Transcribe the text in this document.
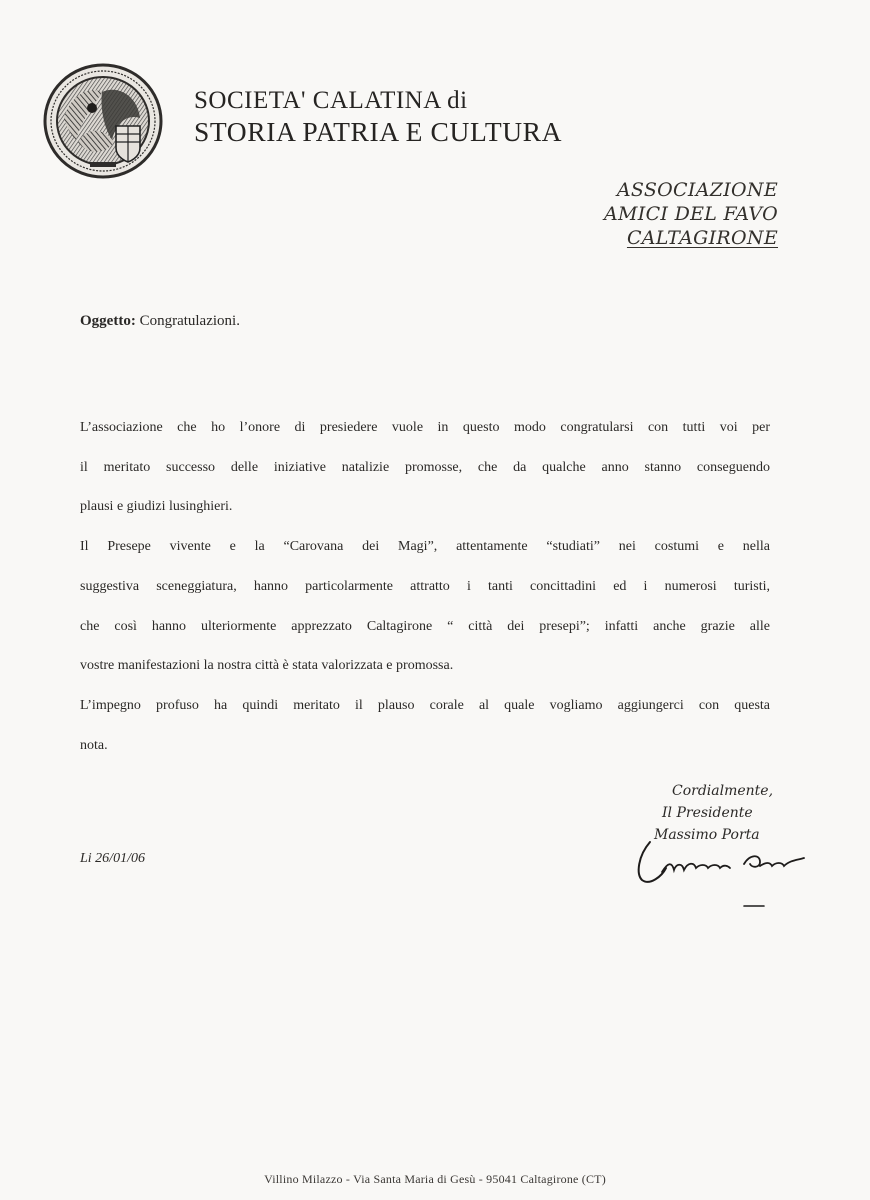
SOCIETA' CALATINA di
STORIA PATRIA E CULTURA
ASSOCIAZIONE
AMICI DEL FAVO
CALTAGIRONE
Oggetto: Congratulazioni.
L’associazione che ho l’onore di presiedere vuole in questo modo congratularsi con tutti voi per
il meritato successo delle iniziative natalizie promosse, che da qualche anno stanno conseguendo
plausi e giudizi lusinghieri.
Il Presepe vivente e la “Carovana dei Magi”, attentamente “studiati” nei costumi e nella
suggestiva sceneggiatura, hanno particolarmente attratto i tanti concittadini ed i numerosi turisti,
che così hanno ulteriormente apprezzato Caltagirone “ città dei presepi”; infatti anche grazie alle
vostre manifestazioni la nostra città è stata valorizzata e promossa.
L’impegno profuso ha quindi meritato il plauso corale al quale vogliamo aggiungerci con questa
nota.
Cordialmente,
Il Presidente
Massimo Porta
Li 26/01/06
Villino Milazzo - Via Santa Maria di Gesù - 95041 Caltagirone (CT)
